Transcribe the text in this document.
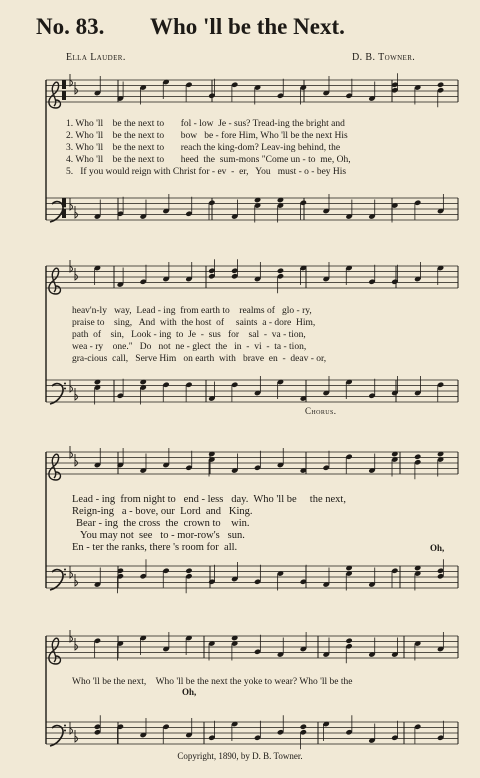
No. 83. Who 'll be the Next.
Ella Lauder.	D. B. Towner.
1. Who 'll    be the next to       fol - low  Je - sus? Tread-ing the bright and
2. Who 'll    be the next to       bow   be - fore Him, Who 'll be the next His
3. Who 'll    be the next to       reach the king-dom? Leav-ing behind, the
4. Who 'll    be the next to       heed  the  sum-mons "Come un - to  me, Oh,
5.   If you would reign with Christ for - ev  -  er,   You   must - o - bey His
heav'n-ly   way,  Lead - ing  from earth to    realms of   glo - ry,
praise to    sing,   And  with  the host  of     saints  a - dore  Him,
path  of    sin,   Look - ing  to  Je  -  sus   for    sal  -  va - tion,
wea - ry    one."   Do   not  ne - glect  the   in  -  vi  -  ta - tion,
gra-cious  call,   Serve Him   on earth  with   brave  en  -  deav - or,
Chorus.
Lead - ing  from night to   end - less   day.  Who 'll be     the next,
Reign-ing   a - bove, our  Lord  and   King.
Bear - ing  the cross  the  crown to    win.
You may not  see   to - mor-row's   sun.
En - ter the ranks, there 's room for  all.	Oh,
Who 'll be the next,    Who 'll be the next the yoke to wear? Who 'll be the
Oh,
Copyright, 1890, by D. B. Towner.
